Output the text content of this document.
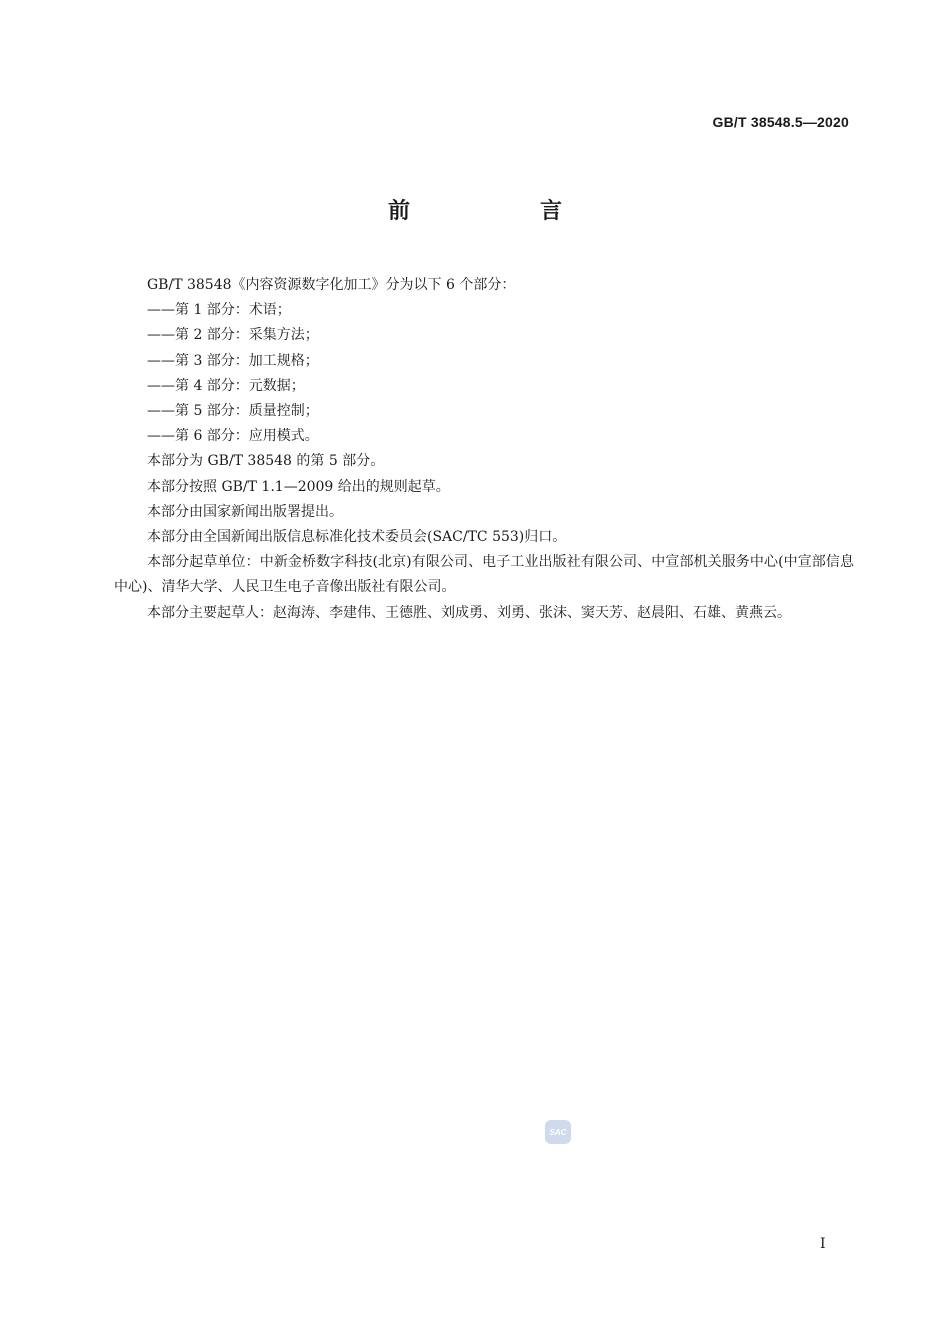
GB/T 38548.5—2020
前　言

GB/T 38548《内容资源数字化加工》分为以下 6 个部分：

——第 1 部分：术语；

——第 2 部分：采集方法；

——第 3 部分：加工规格；

——第 4 部分：元数据；

——第 5 部分：质量控制；

——第 6 部分：应用模式。

本部分为 GB/T 38548 的第 5 部分。

本部分按照 GB/T 1.1—2009 给出的规则起草。

本部分由国家新闻出版署提出。

本部分由全国新闻出版信息标准化技术委员会(SAC/TC 553)归口。

本部分起草单位：中新金桥数字科技(北京)有限公司、电子工业出版社有限公司、中宣部机关服务中心(中宣部信息中心)、清华大学、人民卫生电子音像出版社有限公司。

本部分主要起草人：赵海涛、李建伟、王德胜、刘成勇、刘勇、张沫、窦天芳、赵晨阳、石雄、黄燕云。

SAC
I
